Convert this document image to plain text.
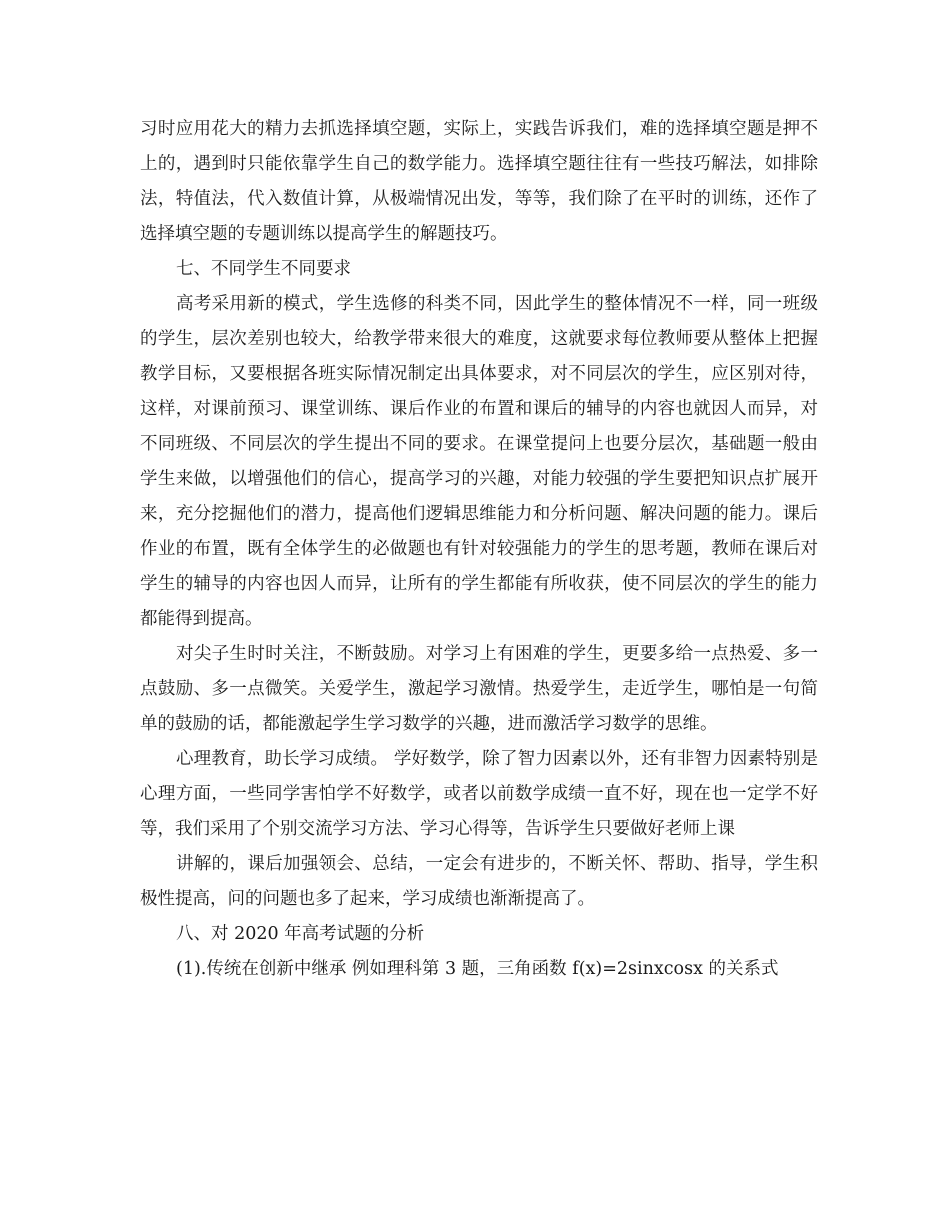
习时应用花大的精力去抓选择填空题，实际上，实践告诉我们，难的选择填空题是押不上的，遇到时只能依靠学生自己的数学能力。选择填空题往往有一些技巧解法，如排除法，特值法，代入数值计算，从极端情况出发，等等，我们除了在平时的训练，还作了选择填空题的专题训练以提高学生的解题技巧。

七、不同学生不同要求

高考采用新的模式，学生选修的科类不同，因此学生的整体情况不一样，同一班级的学生，层次差别也较大，给教学带来很大的难度，这就要求每位教师要从整体上把握教学目标，又要根据各班实际情况制定出具体要求，对不同层次的学生，应区别对待，这样，对课前预习、课堂训练、课后作业的布置和课后的辅导的内容也就因人而异，对不同班级、不同层次的学生提出不同的要求。在课堂提问上也要分层次，基础题一般由学生来做，以增强他们的信心，提高学习的兴趣，对能力较强的学生要把知识点扩展开来，充分挖掘他们的潜力，提高他们逻辑思维能力和分析问题、解决问题的能力。课后作业的布置，既有全体学生的必做题也有针对较强能力的学生的思考题，教师在课后对学生的辅导的内容也因人而异，让所有的学生都能有所收获，使不同层次的学生的能力都能得到提高。

对尖子生时时关注，不断鼓励。对学习上有困难的学生，更要多给一点热爱、多一点鼓励、多一点微笑。关爱学生，激起学习激情。热爱学生，走近学生，哪怕是一句简单的鼓励的话，都能激起学生学习数学的兴趣，进而激活学习数学的思维。

心理教育，助长学习成绩。 学好数学，除了智力因素以外，还有非智力因素特别是心理方面，一些同学害怕学不好数学，或者以前数学成绩一直不好，现在也一定学不好等，我们采用了个别交流学习方法、学习心得等，告诉学生只要做好老师上课

讲解的，课后加强领会、总结，一定会有进步的，不断关怀、帮助、指导，学生积极性提高，问的问题也多了起来，学习成绩也渐渐提高了。

八、对 2020 年高考试题的分析

(1).传统在创新中继承 例如理科第 3 题，三角函数 f(x)=2sinxcosx 的关系式
